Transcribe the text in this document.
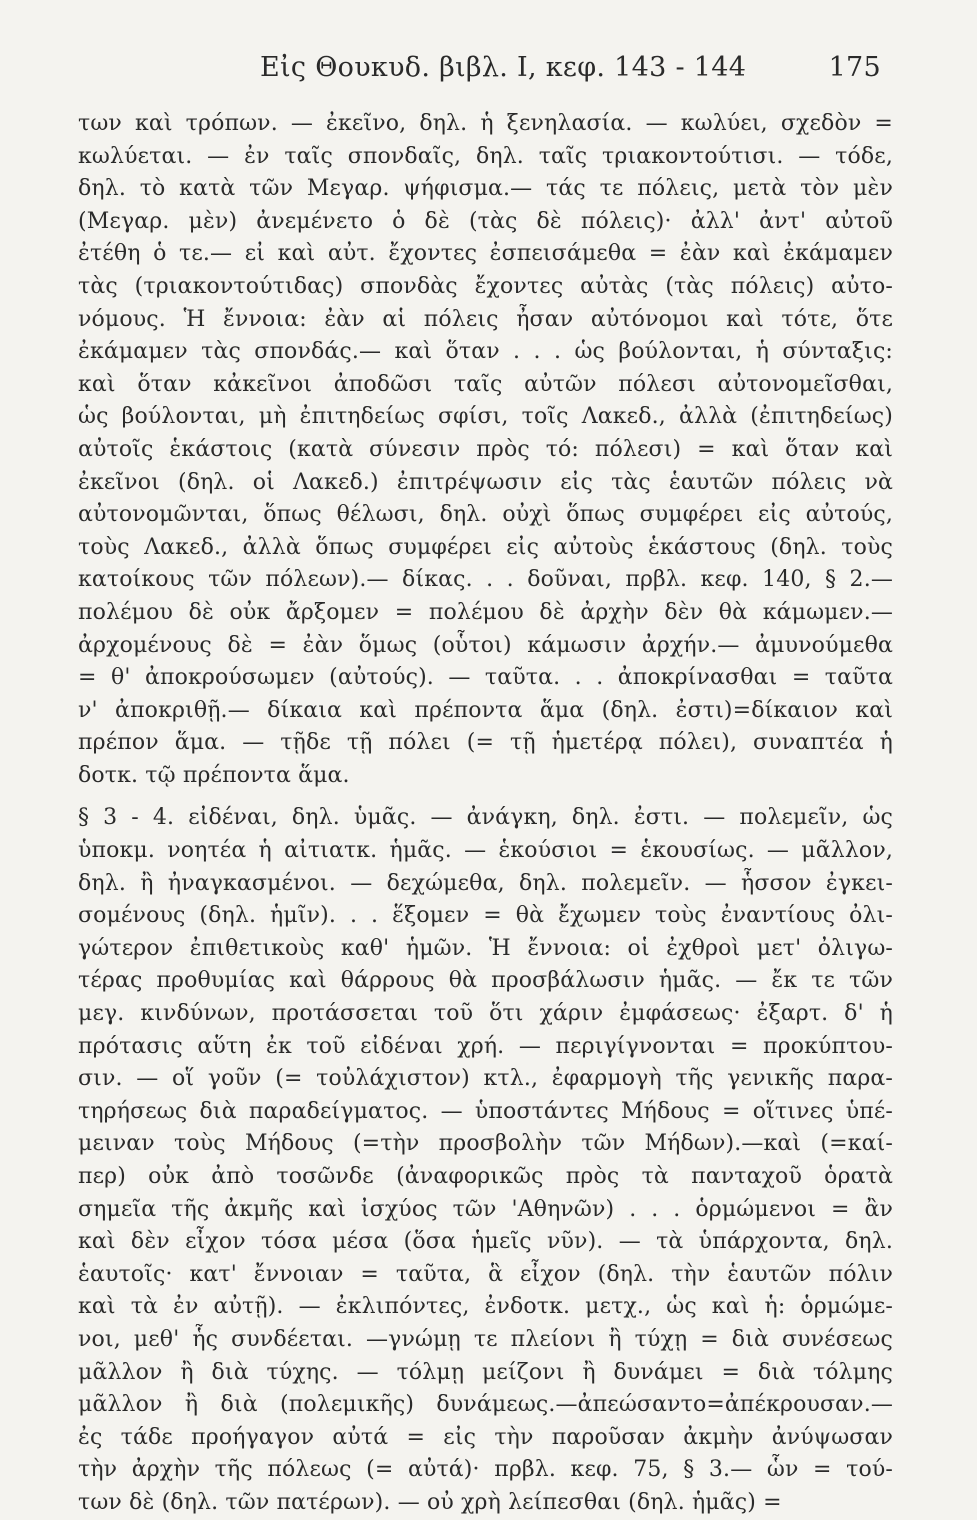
Εἰς Θουκυδ. βιβλ. Ι, κεφ. 143 - 144	175
των καὶ τρόπων. — ἐκεῖνο, δηλ. ἡ ξενηλασία. — κωλύει, σχεδὸν =
κωλύεται. — ἐν ταῖς σπονδαῖς, δηλ. ταῖς τριακοντούτισι. — τόδε,
δηλ. τὸ κατὰ τῶν Μεγαρ. ψήφισμα.— τάς τε πόλεις, μετὰ τὸν μὲν
(Μεγαρ. μὲν) ἀνεμένετο ὁ δὲ (τὰς δὲ πόλεις)· ἀλλ' ἀντ' αὐτοῦ
ἐτέθη ὁ τε.— εἰ καὶ αὐτ. ἔχοντες ἐσπεισάμεθα = ἐὰν καὶ ἐκάμαμεν
τὰς (τριακοντούτιδας) σπονδὰς ἔχοντες αὐτὰς (τὰς πόλεις) αὐτο-
νόμους. Ἡ ἔννοια: ἐὰν αἱ πόλεις ἦσαν αὐτόνομοι καὶ τότε, ὅτε
ἐκάμαμεν τὰς σπονδάς.— καὶ ὅταν . . . ὡς βούλονται, ἡ σύνταξις:
καὶ ὅταν κἀκεῖνοι ἀποδῶσι ταῖς αὐτῶν πόλεσι αὐτονομεῖσθαι,
ὡς βούλονται, μὴ ἐπιτηδείως σφίσι, τοῖς Λακεδ., ἀλλὰ (ἐπιτηδείως)
αὐτοῖς ἑκάστοις (κατὰ σύνεσιν πρὸς τό: πόλεσι) = καὶ ὅταν καὶ
ἐκεῖνοι (δηλ. οἱ Λακεδ.) ἐπιτρέψωσιν εἰς τὰς ἑαυτῶν πόλεις νὰ
αὐτονομῶνται, ὅπως θέλωσι, δηλ. οὐχὶ ὅπως συμφέρει εἰς αὐτούς,
τοὺς Λακεδ., ἀλλὰ ὅπως συμφέρει εἰς αὐτοὺς ἑκάστους (δηλ. τοὺς
κατοίκους τῶν πόλεων).— δίκας. . . δοῦναι, πρβλ. κεφ. 140, § 2.—
πολέμου δὲ οὐκ ἄρξομεν = πολέμου δὲ ἀρχὴν δὲν θὰ κάμωμεν.—
ἀρχομένους δὲ = ἐὰν ὅμως (οὗτοι) κάμωσιν ἀρχήν.— ἀμυνούμεθα
= θ' ἀποκρούσωμεν (αὐτούς). — ταῦτα. . . ἀποκρίνασθαι = ταῦτα
ν' ἀποκριθῇ.— δίκαια καὶ πρέποντα ἅμα (δηλ. ἐστι)=δίκαιον καὶ
πρέπον ἅμα. — τῇδε τῇ πόλει (= τῇ ἡμετέρᾳ πόλει), συναπτέα ἡ
δοτκ. τῷ πρέποντα ἅμα.
§ 3 - 4. εἰδέναι, δηλ. ὑμᾶς. — ἀνάγκη, δηλ. ἐστι. — πολεμεῖν, ὡς
ὑποκμ. νοητέα ἡ αἰτιατκ. ἡμᾶς. — ἑκούσιοι = ἑκουσίως. — μᾶλλον,
δηλ. ἢ ἠναγκασμένοι. — δεχώμεθα, δηλ. πολεμεῖν. — ἧσσον ἐγκει-
σομένους (δηλ. ἡμῖν). . . ἕξομεν = θὰ ἔχωμεν τοὺς ἐναντίους ὀλι-
γώτερον ἐπιθετικοὺς καθ' ἡμῶν. Ἡ ἔννοια: οἱ ἐχθροὶ μετ' ὀλιγω-
τέρας προθυμίας καὶ θάρρους θὰ προσβάλωσιν ἡμᾶς. — ἔκ τε τῶν
μεγ. κινδύνων, προτάσσεται τοῦ ὅτι χάριν ἐμφάσεως· ἐξαρτ. δ' ἡ
πρότασις αὕτη ἐκ τοῦ εἰδέναι χρή. — περιγίγνονται = προκύπτου-
σιν. — οἵ γοῦν (= τοὐλάχιστον) κτλ., ἐφαρμογὴ τῆς γενικῆς παρα-
τηρήσεως διὰ παραδείγματος. — ὑποστάντες Μήδους = οἵτινες ὑπέ-
μειναν τοὺς Μήδους (=τὴν προσβολὴν τῶν Μήδων).—καὶ (=καί-
περ) οὐκ ἀπὸ τοσῶνδε (ἀναφορικῶς πρὸς τὰ πανταχοῦ ὁρατὰ
σημεῖα τῆς ἀκμῆς καὶ ἰσχύος τῶν 'Αθηνῶν) . . . ὁρμώμενοι = ἂν
καὶ δὲν εἶχον τόσα μέσα (ὅσα ἡμεῖς νῦν). — τὰ ὑπάρχοντα, δηλ.
ἑαυτοῖς· κατ' ἔννοιαν = ταῦτα, ἃ εἶχον (δηλ. τὴν ἑαυτῶν πόλιν
καὶ τὰ ἐν αὐτῇ). — ἐκλιπόντες, ἐνδοτκ. μετχ., ὡς καὶ ἡ: ὁρμώμε-
νοι, μεθ' ἧς συνδέεται. —γνώμῃ τε πλείονι ἢ τύχῃ = διὰ συνέσεως
μᾶλλον ἢ διὰ τύχης. — τόλμῃ μείζονι ἢ δυνάμει = διὰ τόλμης
μᾶλλον ἢ διὰ (πολεμικῆς) δυνάμεως.—ἀπεώσαντο=ἀπέκρουσαν.—
ἐς τάδε προήγαγον αὐτά = εἰς τὴν παροῦσαν ἀκμὴν ἀνύψωσαν
τὴν ἀρχὴν τῆς πόλεως (= αὐτά)· πρβλ. κεφ. 75, § 3.— ὧν = τού-
των δὲ (δηλ. τῶν πατέρων). — οὐ χρὴ λείπεσθαι (δηλ. ἡμᾶς) =
